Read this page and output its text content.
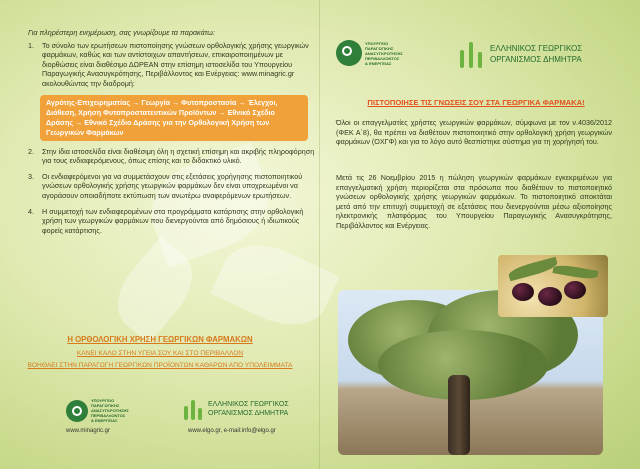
Για πληρέστερη ενημέρωση, σας γνωρίζουμε τα παρακάτω:
1.	Το σύνολο των ερωτήσεων πιστοποίησης γνώσεων ορθολογικής χρήσης γεωργικών φαρμάκων, καθώς και των αντίστοιχων απαντήσεων, επικαιροποιημένων με διορθώσεις είναι διαθέσιμο ΔΩΡΕΑΝ στην επίσημη ιστοσελίδα του Υπουργείου Παραγωγικής Ανασυγκρότησης, Περιβάλλοντος και Ενέργειας: www.minagric.gr ακολουθώντας την διαδρομή:
Αγρότης-Επιχειρηματίας → Γεωργία → Φυτοπροστασία → Έλεγχοι, Διάθεση, Χρήση Φυτοπροστατευτικών Προϊόντων → Εθνικό Σχέδιο Δράσης → Εθνικό Σχέδιο Δράσης για την Ορθολογική Χρήση των Γεωργικών Φαρμάκων
2.	Στην ίδια ιστοσελίδα είναι διαθέσιμη όλη η σχετική επίσημη και ακριβής πληροφόρηση για τους ενδιαφερόμενους, όπως επίσης και το διδακτικό υλικό.
3.	Οι ενδιαφερόμενοι για να συμμετάσχουν στις εξετάσεις χορήγησης πιστοποιητικού γνώσεων ορθολογικής χρήσης γεωργικών φαρμάκων δεν είναι υποχρεωμένοι να αγοράσουν οποιαδήποτε εκτύπωση των ανωτέρω αναφερόμενων ερωτήσεων.
4.	Η συμμετοχή των ενδιαφερομένων στα προγράμματα κατάρτισης στην ορθολογική χρήση των γεωργικών φαρμάκων που διενεργούνται από δημόσιους ή ιδιωτικούς φορείς κατάρτισης.
Η ΟΡΘΟΛΟΓΙΚΗ ΧΡΗΣΗ ΓΕΩΡΓΙΚΩΝ ΦΑΡΜΑΚΩΝ
ΚΑΝΕΙ ΚΑΛΟ ΣΤΗΝ ΥΓΕΙΑ ΣΟΥ ΚΑΙ ΣΤΟ ΠΕΡΙΒΑΛΛΟΝ
ΒΟΗΘΑΕΙ ΣΤΗΝ ΠΑΡΑΓΩΓΗ ΓΕΩΡΓΙΚΩΝ ΠΡΟΪΟΝΤΩΝ ΚΑΘΑΡΩΝ ΑΠΟ ΥΠΟΛΕΙΜΜΑΤΑ
ΥΠΟΥΡΓΕΙΟ
ΠΑΡΑΓΩΓΙΚΗΣ
ΑΝΑΣΥΓΚΡΟΤΗΣΗΣ
ΠΕΡΙΒΑΛΛΟΝΤΟΣ
& ΕΝΕΡΓΕΙΑΣ
ΕΛΛΗΝΙΚΟΣ ΓΕΩΡΓΙΚΟΣ
ΟΡΓΑΝΙΣΜΟΣ ΔΗΜΗΤΡΑ
www.minagric.gr	www.elgo.gr, e-mail:info@elgo.gr
ΥΠΟΥΡΓΕΙΟ
ΠΑΡΑΓΩΓΙΚΗΣ
ΑΝΑΣΥΓΚΡΟΤΗΣΗΣ
ΠΕΡΙΒΑΛΛΟΝΤΟΣ
& ΕΝΕΡΓΕΙΑΣ
ΕΛΛΗΝΙΚΟΣ ΓΕΩΡΓΙΚΟΣ
ΟΡΓΑΝΙΣΜΟΣ ΔΗΜΗΤΡΑ
ΠΙΣΤΟΠΟΙΗΣΕ ΤΙΣ ΓΝΩΣΕΙΣ ΣΟΥ ΣΤΑ ΓΕΩΡΓΙΚΑ ΦΑΡΜΑΚΑ!
Όλοι οι επαγγελματίες χρήστες γεωργικών φαρμάκων, σύμφωνα με τον ν.4036/2012 (ΦΕΚ Α΄8), θα πρέπει να διαθέτουν πιστοποιητικό στην ορθολογική χρήση γεωργικών φαρμάκων (ΟΧΓΦ) και για το λόγο αυτό θεσπίστηκε σύστημα για τη χορήγησή του.
Μετά τις 26 Νοεμβρίου 2015 η πώληση γεωργικών φαρμάκων εγκεκριμένων για επαγγελματική χρήση περιορίζεται στα πρόσωπα που διαθέτουν το πιστοποιητικό γνώσεων ορθολογικής χρήσης γεωργικών φαρμάκων. Το πιστοποιητικό αποκτάται μετά από την επιτυχή συμμετοχή σε εξετάσεις που διενεργούνται μέσω αξιοποίησης ηλεκτρονικής πλατφόρμας του Υπουργείου Παραγωγικής Ανασυγκρότησης, Περιβάλλοντος και Ενέργειας.
